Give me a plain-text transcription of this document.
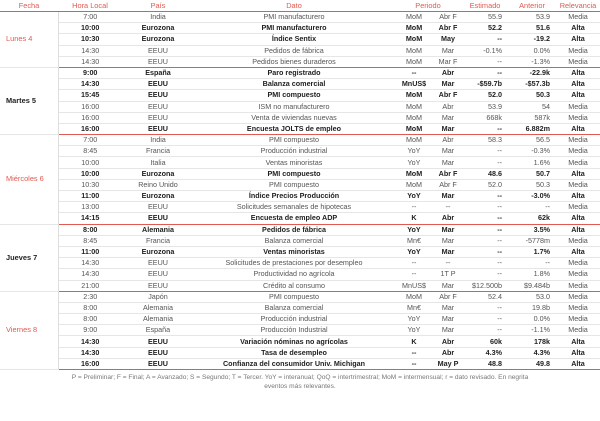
Fecha	Hora Local	País	Dato	Periodo		Estimado	Anterior	Relevancia
Lunes 4	7:00	India	PMI manufacturero	MoM	Abr F	55.9	53.9	Media
	10:00	Eurozona	PMI manufacturero	MoM	Abr F	52.2	51.6	Alta
	10:30	Eurozona	Índice Sentix	MoM	May	--	-19.2	Alta
	14:30	EEUU	Pedidos de fábrica	MoM	Mar	-0.1%	0.0%	Media
	14:30	EEUU	Pedidos bienes duraderos	MoM	Mar F	--	-1.3%	Media
Martes 5	9:00	España	Paro registrado	--	Abr	--	-22.9k	Alta
	14:30	EEUU	Balanza comercial	MnUS$	Mar	-$59.7b	-$57.3b	Alta
	15:45	EEUU	PMI compuesto	MoM	Abr F	52.0	50.3	Alta
	16:00	EEUU	ISM no manufacturero	MoM	Abr	53.9	54	Media
	16:00	EEUU	Venta de viviendas nuevas	MoM	Mar	668k	587k	Media
	16:00	EEUU	Encuesta JOLTS de empleo	MoM	Mar	--	6.882m	Alta
Miércoles 6	7:00	India	PMI compuesto	MoM	Abr	58.3	56.5	Media
	8:45	Francia	Producción industrial	YoY	Mar	--	-0.3%	Media
	10:00	Italia	Ventas minoristas	YoY	Mar	--	1.6%	Media
	10:00	Eurozona	PMI compuesto	MoM	Abr F	48.6	50.7	Alta
	10:30	Reino Unido	PMI compuesto	MoM	Abr F	52.0	50.3	Media
	11:00	Eurozona	Índice Precios Producción	YoY	Mar	--	-3.0%	Alta
	13:00	EEUU	Solicitudes semanales de hipotecas	--	--	--	--	Media
	14:15	EEUU	Encuesta de empleo ADP	K	Abr	--	62k	Alta
Jueves 7	8:00	Alemania	Pedidos de fábrica	YoY	Mar	--	3.5%	Alta
	8:45	Francia	Balanza comercial	Mn€	Mar	--	-5778m	Media
	11:00	Eurozona	Ventas minoristas	YoY	Mar	--	1.7%	Alta
	14:30	EEUU	Solicitudes de prestaciones por desempleo	--	--	--	--	Media
	14:30	EEUU	Productividad no agrícola	--	1T P	--	1.8%	Media
	21:00	EEUU	Crédito al consumo	MnUS$	Mar	$12.500b	$9.484b	Media
Viernes 8	2:30	Japón	PMI compuesto	MoM	Abr F	52.4	53.0	Media
	8:00	Alemania	Balanza comercial	Mn€	Mar	--	19.8b	Media
	8:00	Alemania	Producción industrial	YoY	Mar	--	0.0%	Media
	9:00	España	Producción Industrial	YoY	Mar	--	-1.1%	Media
	14:30	EEUU	Variación nóminas no agrícolas	K	Abr	60k	178k	Alta
	14:30	EEUU	Tasa de desempleo	--	Abr	4.3%	4.3%	Alta
	16:00	EEUU	Confianza del consumidor Univ. Michigan	--	May P	48.8	49.8	Alta
P = Preliminar; F = Final; A = Avanzado; S = Segundo; T = Tercer. YoY = interanual; QoQ = intertrimestral; MoM = intermensual; r = dato revisado. En negrita eventos más relevantes.
